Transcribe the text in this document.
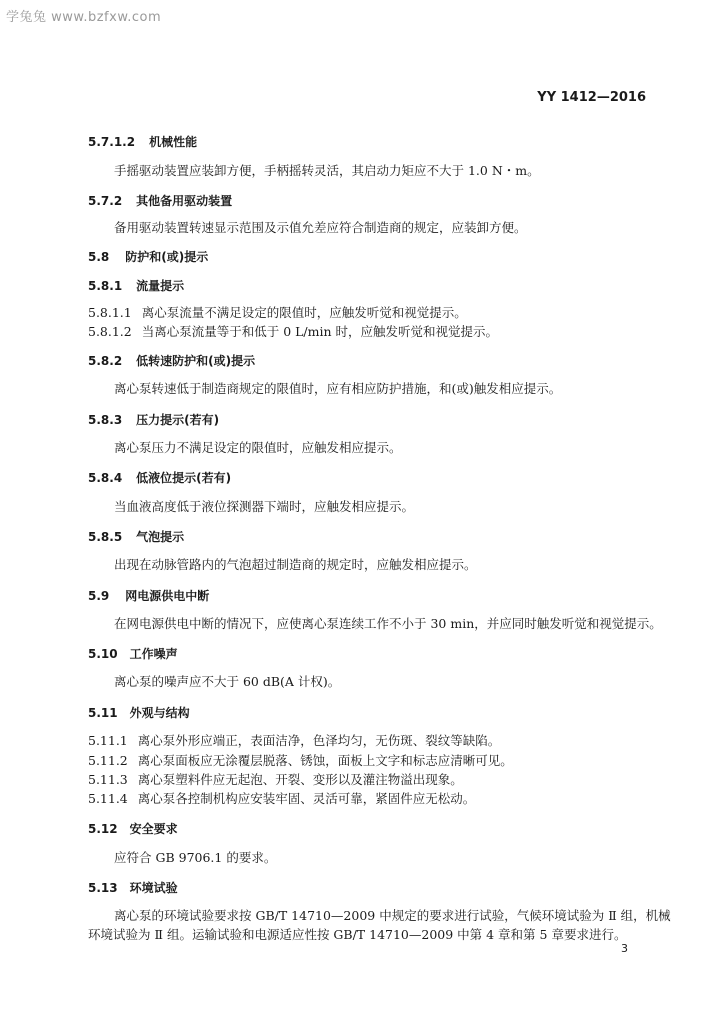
学兔兔 www.bzfxw.com
YY 1412—2016
5.7.1.2 机械性能
手摇驱动装置应装卸方便，手柄摇转灵活，其启动力矩应不大于 1.0 N・m。
5.7.2 其他备用驱动装置
备用驱动装置转速显示范围及示值允差应符合制造商的规定，应装卸方便。
5.8 防护和(或)提示
5.8.1 流量提示
5.8.1.1 离心泵流量不满足设定的限值时，应触发听觉和视觉提示。
5.8.1.2 当离心泵流量等于和低于 0 L/min 时，应触发听觉和视觉提示。
5.8.2 低转速防护和(或)提示
离心泵转速低于制造商规定的限值时，应有相应防护措施，和(或)触发相应提示。
5.8.3 压力提示(若有)
离心泵压力不满足设定的限值时，应触发相应提示。
5.8.4 低液位提示(若有)
当血液高度低于液位探测器下端时，应触发相应提示。
5.8.5 气泡提示
出现在动脉管路内的气泡超过制造商的规定时，应触发相应提示。
5.9 网电源供电中断
在网电源供电中断的情况下，应使离心泵连续工作不小于 30 min，并应同时触发听觉和视觉提示。
5.10 工作噪声
离心泵的噪声应不大于 60 dB(A 计权)。
5.11 外观与结构
5.11.1 离心泵外形应端正，表面洁净，色泽均匀，无伤斑、裂纹等缺陷。
5.11.2 离心泵面板应无涂覆层脱落、锈蚀，面板上文字和标志应清晰可见。
5.11.3 离心泵塑料件应无起泡、开裂、变形以及灌注物溢出现象。
5.11.4 离心泵各控制机构应安装牢固、灵活可靠，紧固件应无松动。
5.12 安全要求
应符合 GB 9706.1 的要求。
5.13 环境试验
离心泵的环境试验要求按 GB/T 14710—2009 中规定的要求进行试验，气候环境试验为 Ⅱ 组，机械
环境试验为 Ⅱ 组。运输试验和电源适应性按 GB/T 14710—2009 中第 4 章和第 5 章要求进行。
3
